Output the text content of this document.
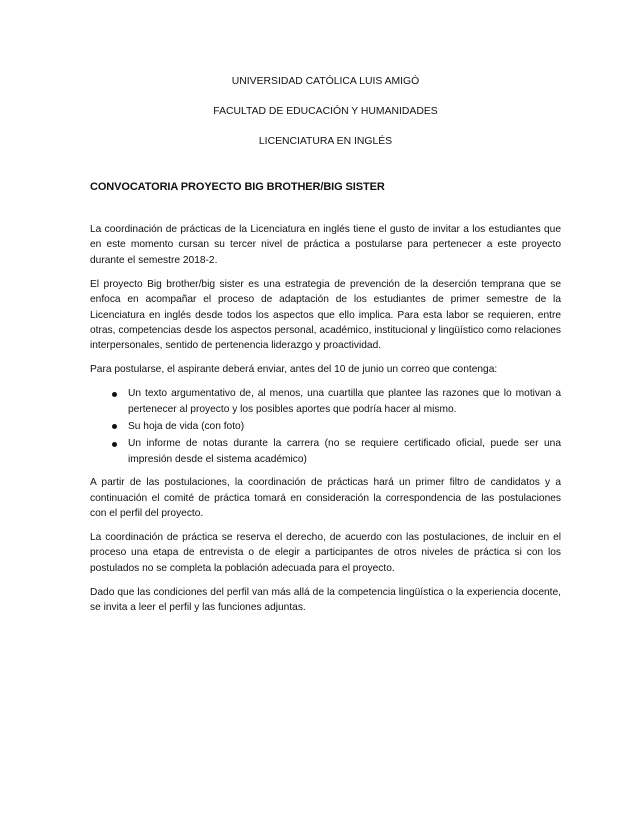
UNIVERSIDAD CATÓLICA LUIS AMIGÓ
FACULTAD DE EDUCACIÓN Y HUMANIDADES
LICENCIATURA EN INGLÉS
CONVOCATORIA PROYECTO BIG BROTHER/BIG SISTER

La coordinación de prácticas de la Licenciatura en inglés tiene el gusto de invitar a los estudiantes que en este momento cursan su tercer nivel de práctica a postularse para pertenecer a este proyecto durante el semestre 2018-2.

El proyecto Big brother/big sister es una estrategia de prevención de la deserción temprana que se enfoca en acompañar el proceso de adaptación de los estudiantes de primer semestre de la Licenciatura en inglés desde todos los aspectos que ello implica. Para esta labor se requieren, entre otras, competencias desde los aspectos personal, académico, institucional y lingüístico como relaciones interpersonales, sentido de pertenencia liderazgo y proactividad.

Para postularse, el aspirante deberá enviar, antes del 10 de junio un correo que contenga:

Un texto argumentativo de, al menos, una cuartilla que plantee las razones que lo motivan a pertenecer al proyecto y los posibles aportes que podría hacer al mismo.
Su hoja de vida (con foto)
Un informe de notas durante la carrera (no se requiere certificado oficial, puede ser una impresión desde el sistema académico)

A partir de las postulaciones, la coordinación de prácticas hará un primer filtro de candidatos y a continuación el comité de práctica tomará en consideración la correspondencia de las postulaciones con el perfil del proyecto.

La coordinación de práctica se reserva el derecho, de acuerdo con las postulaciones, de incluir en el proceso una etapa de entrevista o de elegir a participantes de otros niveles de práctica si con los postulados no se completa la población adecuada para el proyecto.

Dado que las condiciones del perfil van más allá de la competencia lingüística o la experiencia docente, se invita a leer el perfil y las funciones adjuntas.
